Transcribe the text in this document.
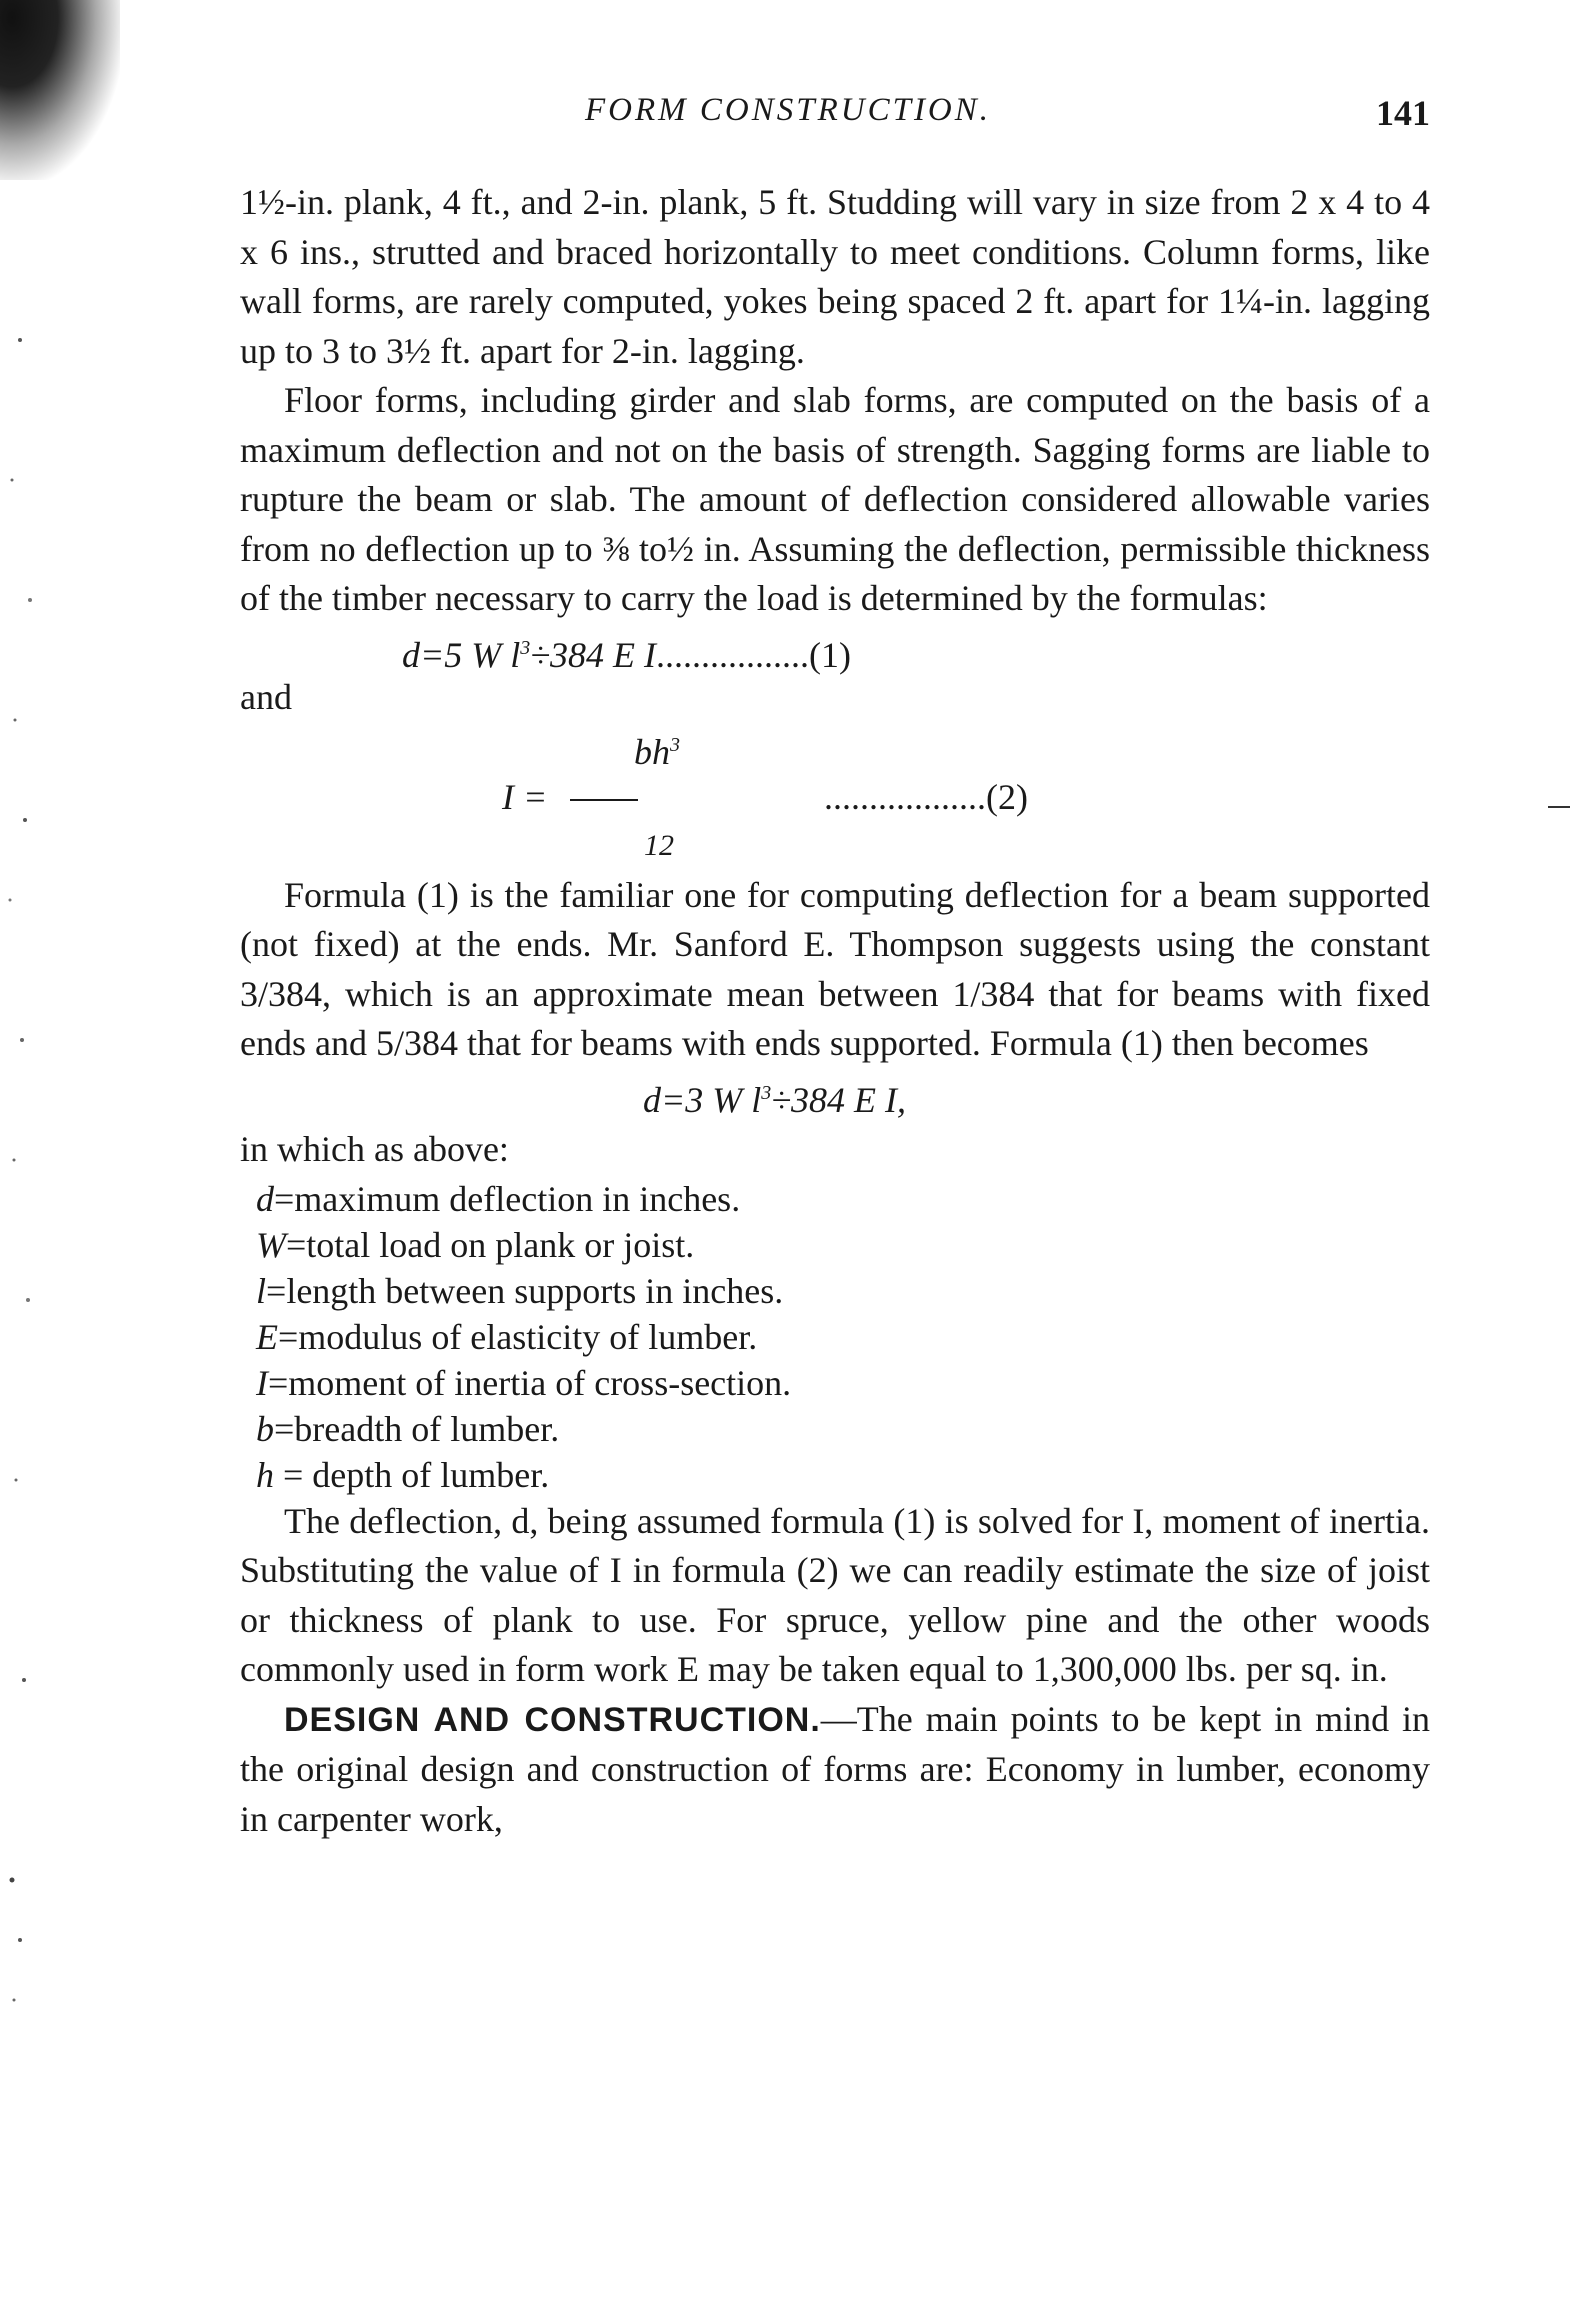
FORM CONSTRUCTION.	141

1½-in. plank, 4 ft., and 2-in. plank, 5 ft. Studding will vary in size from 2 x 4 to 4 x 6 ins., strutted and braced horizontally to meet conditions. Column forms, like wall forms, are rarely computed, yokes being spaced 2 ft. apart for 1¼-in. lagging up to 3 to 3½ ft. apart for 2-in. lagging.

Floor forms, including girder and slab forms, are computed on the basis of a maximum deflection and not on the basis of strength. Sagging forms are liable to rupture the beam or slab. The amount of deflection considered allowable varies from no deflection up to ⅜ to½ in. Assuming the deflection, permissible thickness of the timber necessary to carry the load is determined by the formulas:

d=5 W $l^3\div 384$ E I.................(1)

and

$bh^3$
I =
12
..................(2)

Formula (1) is the familiar one for computing deflection for a beam supported (not fixed) at the ends. Mr. Sanford E. Thompson suggests using the constant 3/384, which is an approximate mean between 1/384 that for beams with fixed ends and 5/384 that for beams with ends supported. Formula (1) then becomes

d=3 W $l^3\div 384$ E I,

in which as above:

d=maximum deflection in inches.
W=total load on plank or joist.
l=length between supports in inches.
E=modulus of elasticity of lumber.
I=moment of inertia of cross-section.
b=breadth of lumber.
h = depth of lumber.

The deflection, d, being assumed formula (1) is solved for I, moment of inertia. Substituting the value of I in formula (2) we can readily estimate the size of joist or thickness of plank to use. For spruce, yellow pine and the other woods commonly used in form work E may be taken equal to 1,300,000 lbs. per sq. in.

DESIGN AND CONSTRUCTION.—The main points to be kept in mind in the original design and construction of forms are: Economy in lumber, economy in carpenter work,
